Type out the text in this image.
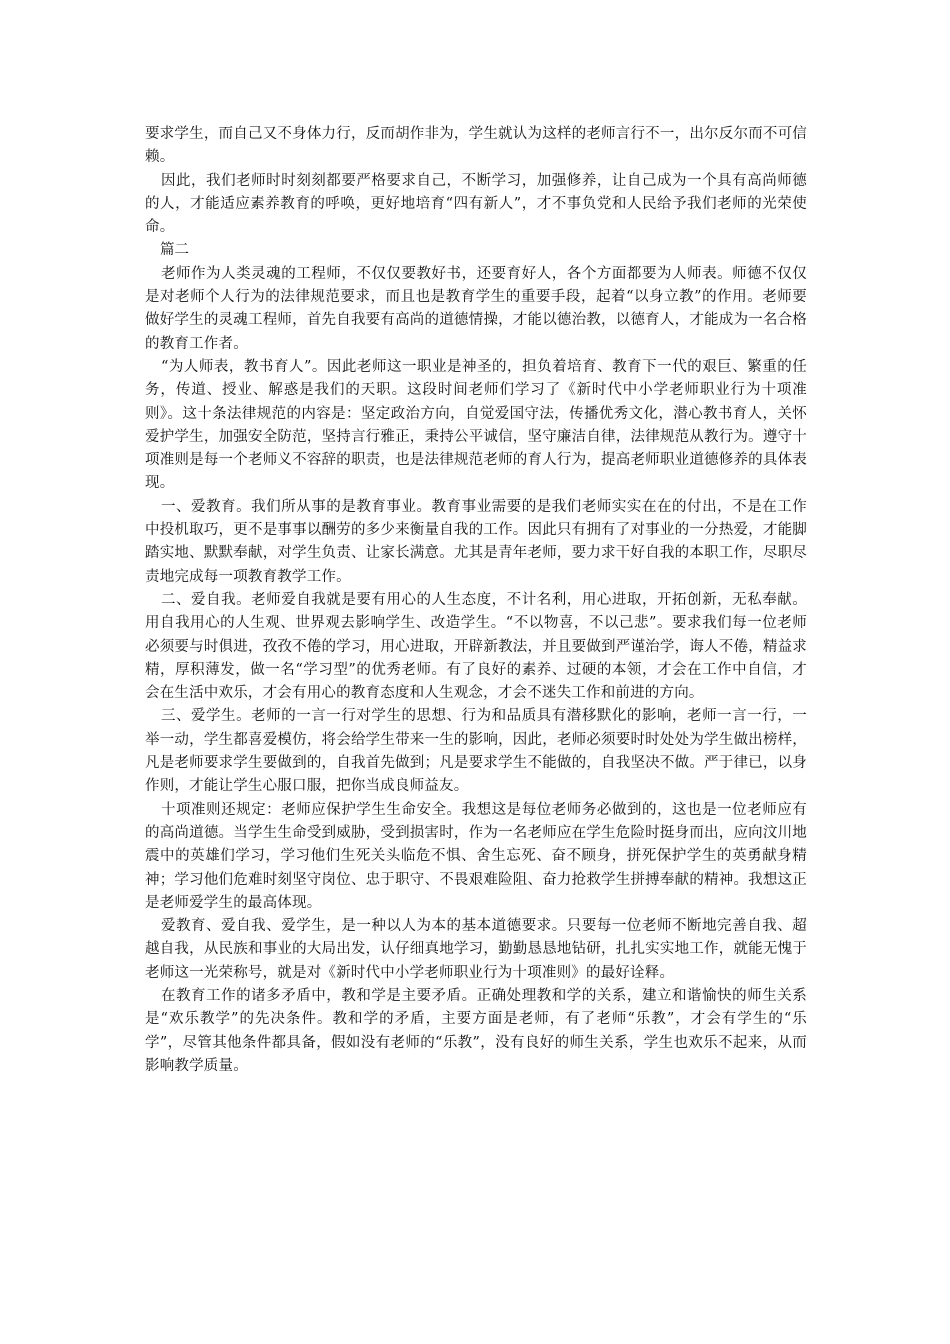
要求学生，而自己又不身体力行，反而胡作非为，学生就认为这样的老师言行不一，出尔反尔而不可信赖。

因此，我们老师时时刻刻都要严格要求自己，不断学习，加强修养，让自己成为一个具有高尚师德的人，才能适应素养教育的呼唤，更好地培育“四有新人”，才不事负党和人民给予我们老师的光荣使命。

篇二

老师作为人类灵魂的工程师，不仅仅要教好书，还要育好人，各个方面都要为人师表。师德不仅仅是对老师个人行为的法律规范要求，而且也是教育学生的重要手段，起着“以身立教”的作用。老师要做好学生的灵魂工程师，首先自我要有高尚的道德情操，才能以德治教，以德育人，才能成为一名合格的教育工作者。

“为人师表，教书育人”。因此老师这一职业是神圣的，担负着培育、教育下一代的艰巨、繁重的任务，传道、授业、解惑是我们的天职。这段时间老师们学习了《新时代中小学老师职业行为十项准则》。这十条法律规范的内容是：坚定政治方向，自觉爱国守法，传播优秀文化，潜心教书育人，关怀爱护学生，加强安全防范，坚持言行雅正，秉持公平诚信，坚守廉洁自律，法律规范从教行为。遵守十项准则是每一个老师义不容辞的职责，也是法律规范老师的育人行为，提高老师职业道德修养的具体表现。

一、爱教育。我们所从事的是教育事业。教育事业需要的是我们老师实实在在的付出，不是在工作中投机取巧，更不是事事以酬劳的多少来衡量自我的工作。因此只有拥有了对事业的一分热爱，才能脚踏实地、默默奉献，对学生负责、让家长满意。尤其是青年老师，要力求干好自我的本职工作，尽职尽责地完成每一项教育教学工作。

二、爱自我。老师爱自我就是要有用心的人生态度，不计名利，用心进取，开拓创新，无私奉献。用自我用心的人生观、世界观去影响学生、改造学生。“不以物喜，不以己悲”。要求我们每一位老师必须要与时俱进，孜孜不倦的学习，用心进取，开辟新教法，并且要做到严谨治学，诲人不倦，精益求精，厚积薄发，做一名“学习型”的优秀老师。有了良好的素养、过硬的本领，才会在工作中自信，才会在生活中欢乐，才会有用心的教育态度和人生观念，才会不迷失工作和前进的方向。

三、爱学生。老师的一言一行对学生的思想、行为和品质具有潜移默化的影响，老师一言一行，一举一动，学生都喜爱模仿，将会给学生带来一生的影响，因此，老师必须要时时处处为学生做出榜样，凡是老师要求学生要做到的，自我首先做到；凡是要求学生不能做的，自我坚决不做。严于律已，以身作则，才能让学生心服口服，把你当成良师益友。

十项准则还规定：老师应保护学生生命安全。我想这是每位老师务必做到的，这也是一位老师应有的高尚道德。当学生生命受到威胁，受到损害时，作为一名老师应在学生危险时挺身而出，应向汶川地震中的英雄们学习，学习他们生死关头临危不惧、舍生忘死、奋不顾身，拼死保护学生的英勇献身精神；学习他们危难时刻坚守岗位、忠于职守、不畏艰难险阻、奋力抢救学生拼搏奉献的精神。我想这正是老师爱学生的最高体现。

爱教育、爱自我、爱学生，是一种以人为本的基本道德要求。只要每一位老师不断地完善自我、超越自我，从民族和事业的大局出发，认仔细真地学习，勤勤恳恳地钻研，扎扎实实地工作，就能无愧于老师这一光荣称号，就是对《新时代中小学老师职业行为十项准则》的最好诠释。

在教育工作的诸多矛盾中，教和学是主要矛盾。正确处理教和学的关系，建立和谐愉快的师生关系是“欢乐教学”的先决条件。教和学的矛盾，主要方面是老师，有了老师“乐教”，才会有学生的“乐学”，尽管其他条件都具备，假如没有老师的“乐教”，没有良好的师生关系，学生也欢乐不起来，从而影响教学质量。
